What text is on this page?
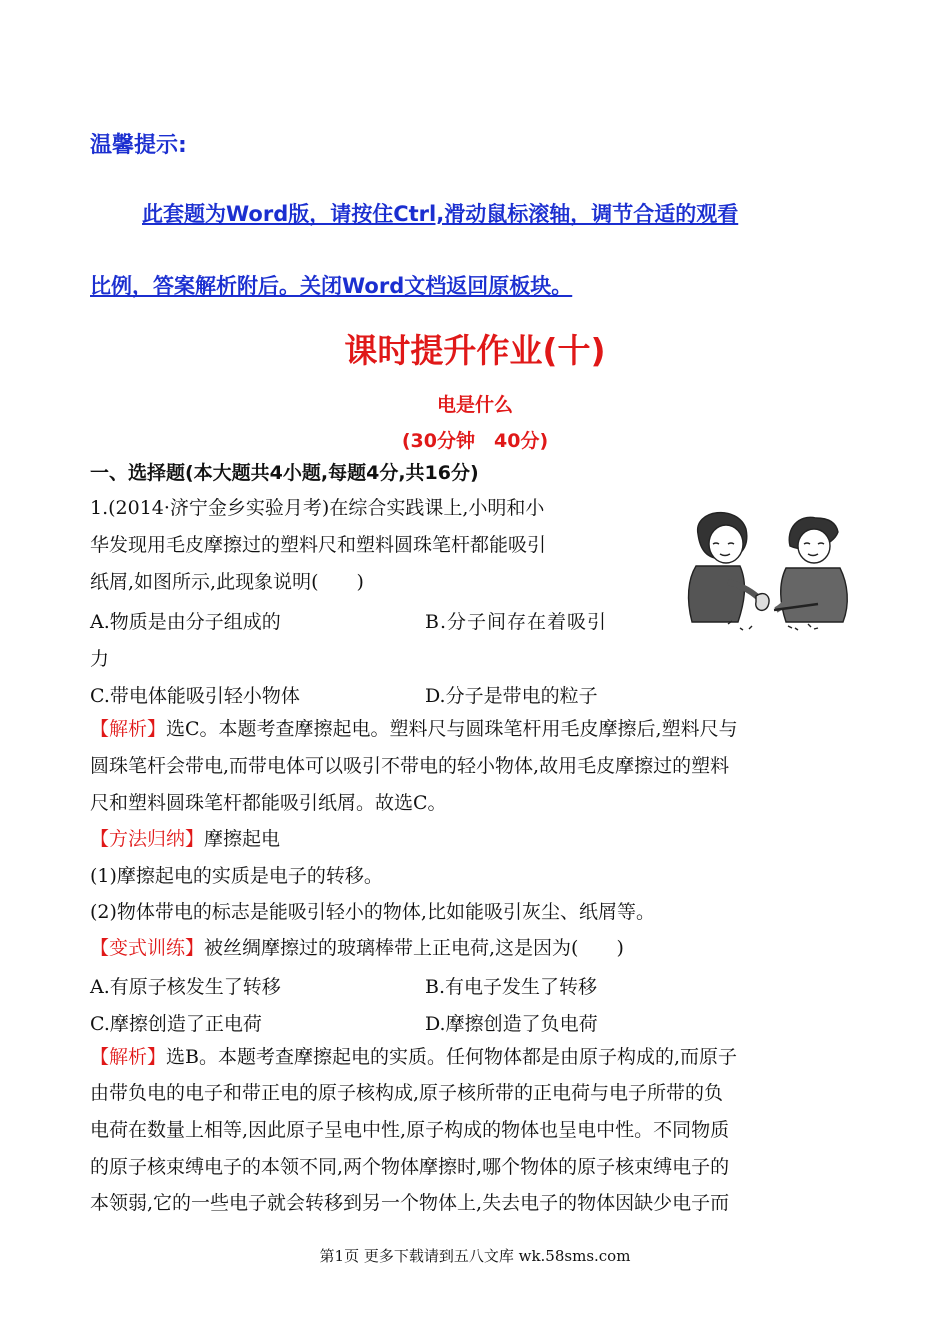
温馨提示:
此套题为Word版，请按住Ctrl,滑动鼠标滚轴，调节合适的观看
比例，答案解析附后。关闭Word文档返回原板块。
课时提升作业(十)
电是什么
(30分钟　40分)
一、选择题(本大题共4小题,每题4分,共16分)
1.(2014·济宁金乡实验月考)在综合实践课上,小明和小
华发现用毛皮摩擦过的塑料尺和塑料圆珠笔杆都能吸引
纸屑,如图所示,此现象说明(　　)
A.物质是由分子组成的	B.分子间存在着吸引
力
C.带电体能吸引轻小物体	D.分子是带电的粒子
【解析】选C。本题考查摩擦起电。塑料尺与圆珠笔杆用毛皮摩擦后,塑料尺与
圆珠笔杆会带电,而带电体可以吸引不带电的轻小物体,故用毛皮摩擦过的塑料
尺和塑料圆珠笔杆都能吸引纸屑。故选C。
【方法归纳】摩擦起电
(1)摩擦起电的实质是电子的转移。
(2)物体带电的标志是能吸引轻小的物体,比如能吸引灰尘、纸屑等。
【变式训练】被丝绸摩擦过的玻璃棒带上正电荷,这是因为(　　)
A.有原子核发生了转移	B.有电子发生了转移
C.摩擦创造了正电荷	D.摩擦创造了负电荷
【解析】选B。本题考查摩擦起电的实质。任何物体都是由原子构成的,而原子
由带负电的电子和带正电的原子核构成,原子核所带的正电荷与电子所带的负
电荷在数量上相等,因此原子呈电中性,原子构成的物体也呈电中性。不同物质
的原子核束缚电子的本领不同,两个物体摩擦时,哪个物体的原子核束缚电子的
本领弱,它的一些电子就会转移到另一个物体上,失去电子的物体因缺少电子而
第1页 更多下载请到五八文库 wk.58sms.com
